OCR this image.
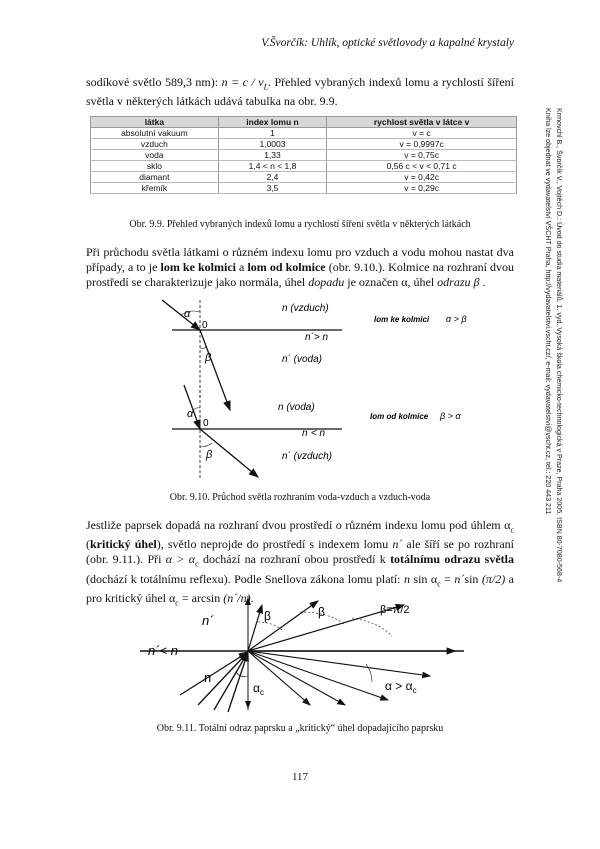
V.Švorčík: Uhlík, optické světlovody a kapalné krystaly
Krmovchl B., Švorčík V., Vojtěch D.: Úvod do studia materiálů. 1. vyd. Vysoká škola chemicko-technologická v Praze, Praha 2005. ISBN 80-7080-568-4
Kniha lze objednat ve vydavatelství VŠCHT Praha, http://vydavatelstvi.vscht.cz/, e-mail: vydavatelstvi@vscht.cz, tel.: 220 443 211

sodíkové světlo 589,3 nm): $n = c / v_L$. Přehled vybraných indexů lomu a rychlostí šíření světla v některých látkách udává tabulka na obr. 9.9.

látka	index lomu n	rychlost světla v látce v
absolutní vakuum	1	v = c
vzduch	1,0003	v = 0,9997c
voda	1,33	v = 0,75c
sklo	1,4 < n < 1,8	0,56 c < v < 0,71 c
diamant	2,4	v = 0,42c
křemík	3,5	v = 0,29c
Obr. 9.9. Přehled vybraných indexů lomu a rychlostí šíření světla v některých látkách

Při průchodu světla látkami o různém indexu lomu pro vzduch a vodu mohou nastat dva případy, a to je lom ke kolmici a lom od kolmice (obr. 9.10.). Kolmice na rozhraní dvou prostředí se charakterizuje jako normála, úhel dopadu je označen α, úhel odrazu β .

α
0
β
n (vzduch)
n´> n
n´ (voda)
lom ke kolmici α > β
α
0
β
n (voda)
n´< n
n´ (vzduch)
lom od kolmice β > α
n´
n´< n
n
β	β	β=π/2
$\alpha_c$	$\alpha > \alpha_c$
Obr. 9.10. Průchod světla rozhraním voda-vzduch a vzduch-voda

Jestliže paprsek dopadá na rozhraní dvou prostředí o různém indexu lomu pod úhlem $\alpha_c$ (kritický úhel), světlo neprojde do prostředí s indexem lomu n´ ale šíří se po rozhraní (obr. 9.11.). Při $\alpha > \alpha_c$ dochází na rozhraní obou prostředí k totálnímu odrazu světla (dochází k totálnímu reflexu). Podle Snellova zákona lomu platí: n $\sin \alpha_c$ = n´sin (π/2) a pro kritický úhel $\alpha_c = \arcsin$ (n´/n).

Obr. 9.11. Totální odraz paprsku a „kritický“ úhel dopadajícího paprsku
117
